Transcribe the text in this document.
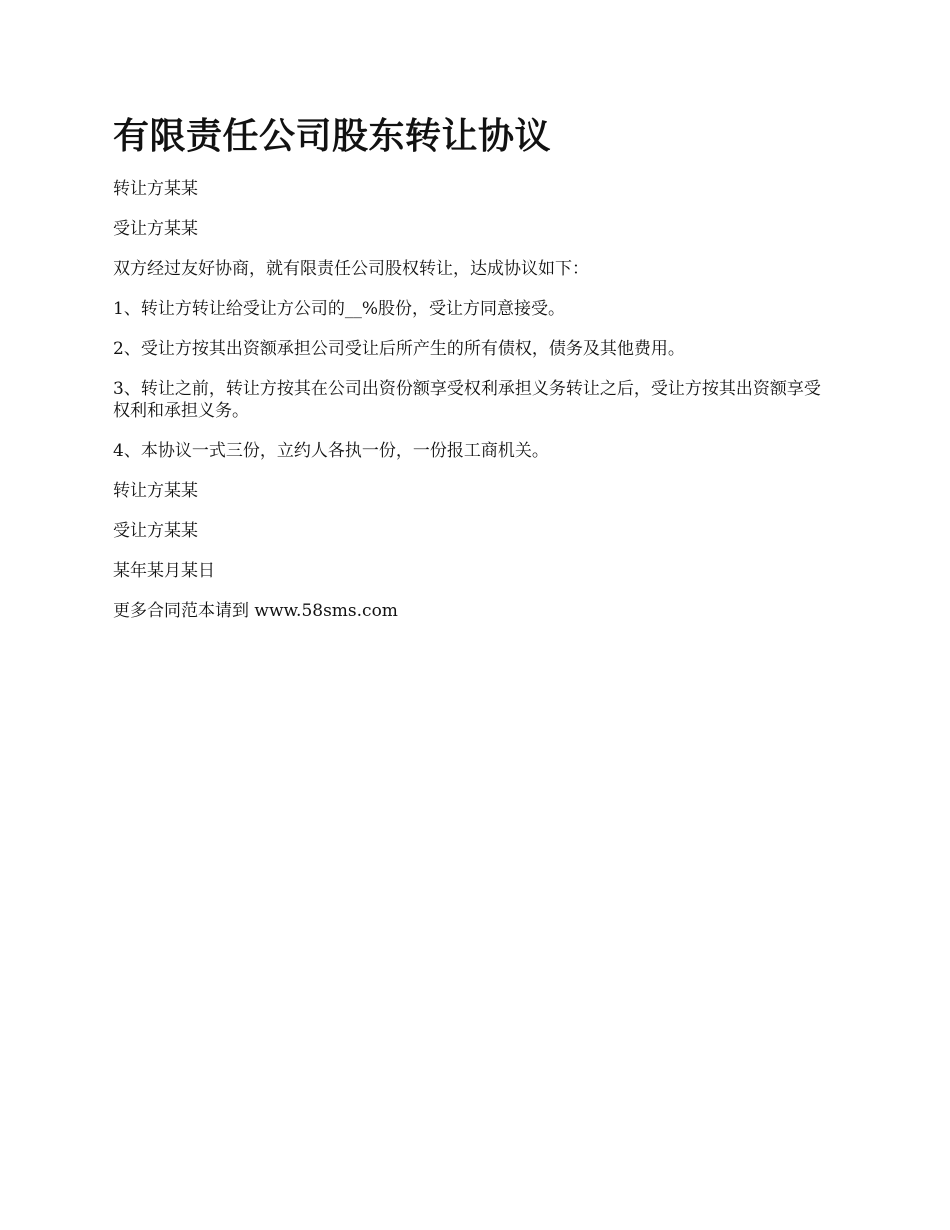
有限责任公司股东转让协议

转让方某某

受让方某某

双方经过友好协商，就有限责任公司股权转让，达成协议如下：

1、转让方转让给受让方公司的__%股份，受让方同意接受。

2、受让方按其出资额承担公司受让后所产生的所有债权，债务及其他费用。

3、转让之前，转让方按其在公司出资份额享受权利承担义务转让之后，受让方按其出资额享受权利和承担义务。

4、本协议一式三份，立约人各执一份，一份报工商机关。

转让方某某

受让方某某

某年某月某日

更多合同范本请到 www.58sms.com
